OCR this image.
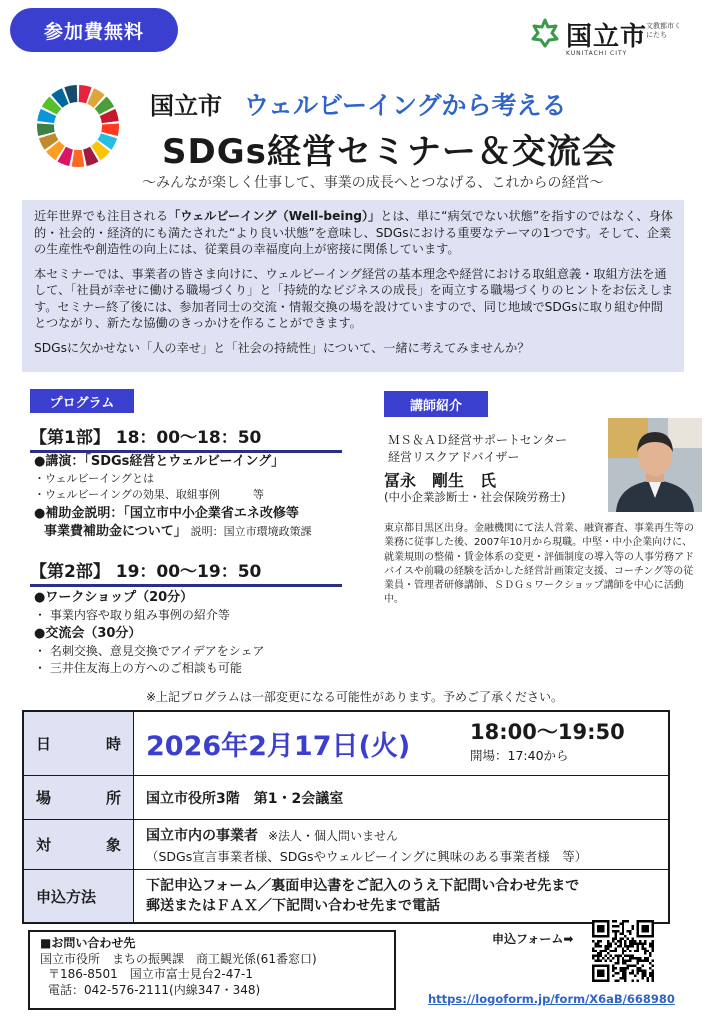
参加費無料	国立市
文教都市くにたち
KUNITACHI CITY
国立市 ウェルビーイングから考える
SDGs経営セミナー＆交流会
～みんなが楽しく仕事して、事業の成長へとつなげる、これからの経営～

近年世界でも注目される「ウェルビーイング（Well-being）」とは、単に“病気でない状態”を指すのではなく、身体的・社会的・経済的にも満たされた“より良い状態”を意味し、SDGsにおける重要なテーマの1つです。そして、企業の生産性や創造性の向上には、従業員の幸福度向上が密接に関係しています。

本セミナーでは、事業者の皆さま向けに、ウェルビーイング経営の基本理念や経営における取組意義・取組方法を通して、「社員が幸せに働ける職場づくり」と「持続的なビジネスの成長」を両立する職場づくりのヒントをお伝えします。セミナー終了後には、参加者同士の交流・情報交換の場を設けていますので、同じ地域でSDGsに取り組む仲間とつながり、新たな協働のきっかけを作ることができます。

SDGsに欠かせない「人の幸せ」と「社会の持続性」について、一緒に考えてみませんか？

プログラム	講師紹介
【第1部】 18：00～18：50
●講演：「SDGs経営とウェルビーイング」
・ウェルビーイングとは
・ウェルビーイングの効果、取組事例　　　等
●補助金説明：「国立市中小企業省エネ改修等
事業費補助金について」 説明：国立市環境政策課
【第2部】 19：00～19：50
●ワークショップ（20分）
・ 事業内容や取り組み事例の紹介等
●交流会（30分）
・ 名刺交換、意見交換でアイデアをシェア
・ 三井住友海上の方へのご相談も可能
ＭＳ＆ＡＤ経営サポートセンター
経営リスクアドバイザー
冨永　剛生　氏
(中小企業診断士・社会保険労務士)
東京都目黒区出身。金融機関にて法人営業、融資審査、事業再生等の業務に従事した後、2007年10月から現職。中堅・中小企業向けに、就業規則の整備・賃金体系の変更・評価制度の導入等の人事労務アドバイスや前職の経験を活かした経営計画策定支援、コーチング等の従業員・管理者研修講師、ＳＤＧｓワークショップ講師を中心に活動中。
※上記プログラムは一部変更になる可能性があります。予めご了承ください。
日	時 2026年2月17日(火)	18:00～19:50
開場：17:40から
場	所 国立市役所3階　第1・2会議室
対	象
国立市内の事業者 ※法人・個人問いません
（SDGs宣言事業者様、SDGsやウェルビーイングに興味のある事業者様　等）
申込方法
下記申込フォーム／裏面申込書をご記入のうえ下記問い合わせ先まで
郵送またはＦＡＸ／下記問い合わせ先まで電話
■お問い合わせ先
国立市役所　まちの振興課　商工観光係(61番窓口)
〒186-8501　国立市富士見台2-47-1
電話：042-576-2111(内線347・348)
申込フォーム➡
https://logoform.jp/form/X6aB/668980
